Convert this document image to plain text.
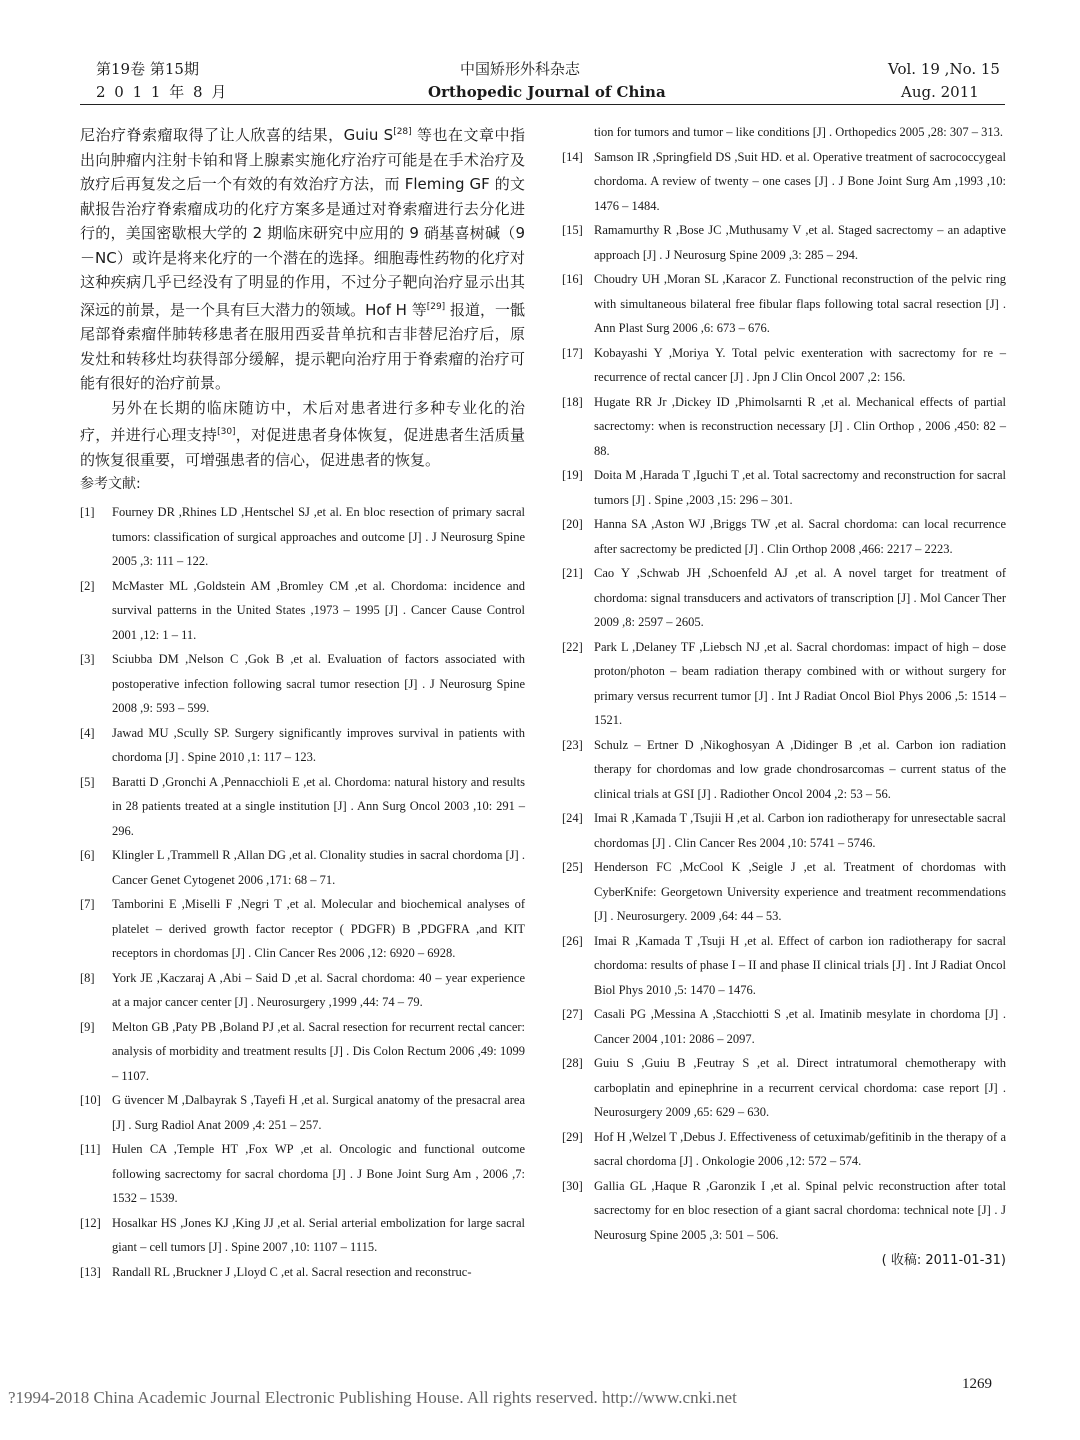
第19卷 第15期
2 0 1 1 年 8 月
中国矫形外科杂志
Orthopedic Journal of China
Vol. 19 ,No. 15
Aug. 2011

尼治疗脊索瘤取得了让人欣喜的结果，Guiu S[28] 等也在文章中指出向肿瘤内注射卡铂和肾上腺素实施化疗治疗可能是在手术治疗及放疗后再复发之后一个有效的有效治疗方法，而 Fleming GF 的文献报告治疗脊索瘤成功的化疗方案多是通过对脊索瘤进行去分化进行的，美国密歇根大学的 2 期临床研究中应用的 9 硝基喜树碱（9－NC）或许是将来化疗的一个潜在的选择。细胞毒性药物的化疗对这种疾病几乎已经没有了明显的作用，不过分子靶向治疗显示出其深远的前景，是一个具有巨大潜力的领域。Hof H 等[29] 报道，一骶尾部脊索瘤伴肺转移患者在服用西妥昔单抗和吉非替尼治疗后，原发灶和转移灶均获得部分缓解，提示靶向治疗用于脊索瘤的治疗可能有很好的治疗前景。

另外在长期的临床随访中，术后对患者进行多种专业化的治疗，并进行心理支持[30]，对促进患者身体恢复，促进患者生活质量的恢复很重要，可增强患者的信心，促进患者的恢复。

参考文献:
[1]	Fourney DR ,Rhines LD ,Hentschel SJ ,et al. En bloc resection of primary sacral tumors: classification of surgical approaches and outcome [J] . J Neurosurg Spine 2005 ,3: 111 – 122.
[2]	McMaster ML ,Goldstein AM ,Bromley CM ,et al. Chordoma: incidence and survival patterns in the United States ,1973 – 1995 [J] . Cancer Cause Control 2001 ,12: 1 – 11.
[3]	Sciubba DM ,Nelson C ,Gok B ,et al. Evaluation of factors associated with postoperative infection following sacral tumor resection [J] . J Neurosurg Spine 2008 ,9: 593 – 599.
[4]	Jawad MU ,Scully SP. Surgery significantly improves survival in patients with chordoma [J] . Spine 2010 ,1: 117 – 123.
[5]	Baratti D ,Gronchi A ,Pennacchioli E ,et al. Chordoma: natural history and results in 28 patients treated at a single institution [J] . Ann Surg Oncol 2003 ,10: 291 – 296.
[6]	Klingler L ,Trammell R ,Allan DG ,et al. Clonality studies in sacral chordoma [J] . Cancer Genet Cytogenet 2006 ,171: 68 – 71.
[7]	Tamborini E ,Miselli F ,Negri T ,et al. Molecular and biochemical analyses of platelet – derived growth factor receptor ( PDGFR) B ,PDGFRA ,and KIT receptors in chordomas [J] . Clin Cancer Res 2006 ,12: 6920 – 6928.
[8]	York JE ,Kaczaraj A ,Abi – Said D ,et al. Sacral chordoma: 40 – year experience at a major cancer center [J] . Neurosurgery ,1999 ,44: 74 – 79.
[9]	Melton GB ,Paty PB ,Boland PJ ,et al. Sacral resection for recurrent rectal cancer: analysis of morbidity and treatment results [J] . Dis Colon Rectum 2006 ,49: 1099 – 1107.
[10] G üvencer M ,Dalbayrak S ,Tayefi H ,et al. Surgical anatomy of the presacral area [J] . Surg Radiol Anat 2009 ,4: 251 – 257.
[11] Hulen CA ,Temple HT ,Fox WP ,et al. Oncologic and functional outcome following sacrectomy for sacral chordoma [J] . J Bone Joint Surg Am , 2006 ,7: 1532 – 1539.
[12] Hosalkar HS ,Jones KJ ,King JJ ,et al. Serial arterial embolization for large sacral giant – cell tumors [J] . Spine 2007 ,10: 1107 – 1115.
[13] Randall RL ,Bruckner J ,Lloyd C ,et al. Sacral resection and reconstruc-
tion for tumors and tumor – like conditions [J] . Orthopedics 2005 ,28: 307 – 313.
[14] Samson IR ,Springfield DS ,Suit HD. et al. Operative treatment of sacrococcygeal chordoma. A review of twenty – one cases [J] . J Bone Joint Surg Am ,1993 ,10: 1476 – 1484.
[15] Ramamurthy R ,Bose JC ,Muthusamy V ,et al. Staged sacrectomy – an adaptive approach [J] . J Neurosurg Spine 2009 ,3: 285 – 294.
[16] Choudry UH ,Moran SL ,Karacor Z. Functional reconstruction of the pelvic ring with simultaneous bilateral free fibular flaps following total sacral resection [J] . Ann Plast Surg 2006 ,6: 673 – 676.
[17] Kobayashi Y ,Moriya Y. Total pelvic exenteration with sacrectomy for re – recurrence of rectal cancer [J] . Jpn J Clin Oncol 2007 ,2: 156.
[18] Hugate RR Jr ,Dickey ID ,Phimolsarnti R ,et al. Mechanical effects of partial sacrectomy: when is reconstruction necessary [J] . Clin Orthop , 2006 ,450: 82 – 88.
[19] Doita M ,Harada T ,Iguchi T ,et al. Total sacrectomy and reconstruction for sacral tumors [J] . Spine ,2003 ,15: 296 – 301.
[20] Hanna SA ,Aston WJ ,Briggs TW ,et al. Sacral chordoma: can local recurrence after sacrectomy be predicted [J] . Clin Orthop 2008 ,466: 2217 – 2223.
[21] Cao Y ,Schwab JH ,Schoenfeld AJ ,et al. A novel target for treatment of chordoma: signal transducers and activators of transcription [J] . Mol Cancer Ther 2009 ,8: 2597 – 2605.
[22] Park L ,Delaney TF ,Liebsch NJ ,et al. Sacral chordomas: impact of high – dose proton/photon – beam radiation therapy combined with or without surgery for primary versus recurrent tumor [J] . Int J Radiat Oncol Biol Phys 2006 ,5: 1514 – 1521.
[23] Schulz – Ertner D ,Nikoghosyan A ,Didinger B ,et al. Carbon ion radiation therapy for chordomas and low grade chondrosarcomas – current status of the clinical trials at GSI [J] . Radiother Oncol 2004 ,2: 53 – 56.
[24] Imai R ,Kamada T ,Tsujii H ,et al. Carbon ion radiotherapy for unresectable sacral chordomas [J] . Clin Cancer Res 2004 ,10: 5741 – 5746.
[25] Henderson FC ,McCool K ,Seigle J ,et al. Treatment of chordomas with CyberKnife: Georgetown University experience and treatment recommendations [J] . Neurosurgery. 2009 ,64: 44 – 53.
[26] Imai R ,Kamada T ,Tsuji H ,et al. Effect of carbon ion radiotherapy for sacral chordoma: results of phase I – II and phase II clinical trials [J] . Int J Radiat Oncol Biol Phys 2010 ,5: 1470 – 1476.
[27] Casali PG ,Messina A ,Stacchiotti S ,et al. Imatinib mesylate in chordoma [J] . Cancer 2004 ,101: 2086 – 2097.
[28] Guiu S ,Guiu B ,Feutray S ,et al. Direct intratumoral chemotherapy with carboplatin and epinephrine in a recurrent cervical chordoma: case report [J] . Neurosurgery 2009 ,65: 629 – 630.
[29] Hof H ,Welzel T ,Debus J. Effectiveness of cetuximab/gefitinib in the therapy of a sacral chordoma [J] . Onkologie 2006 ,12: 572 – 574.
[30] Gallia GL ,Haque R ,Garonzik I ,et al. Spinal pelvic reconstruction after total sacrectomy for en bloc resection of a giant sacral chordoma: technical note [J] . J Neurosurg Spine 2005 ,3: 501 – 506.
( 收稿: 2011-01-31)
?1994-2018 China Academic Journal Electronic Publishing House. All rights reserved. http://www.cnki.net
1269
